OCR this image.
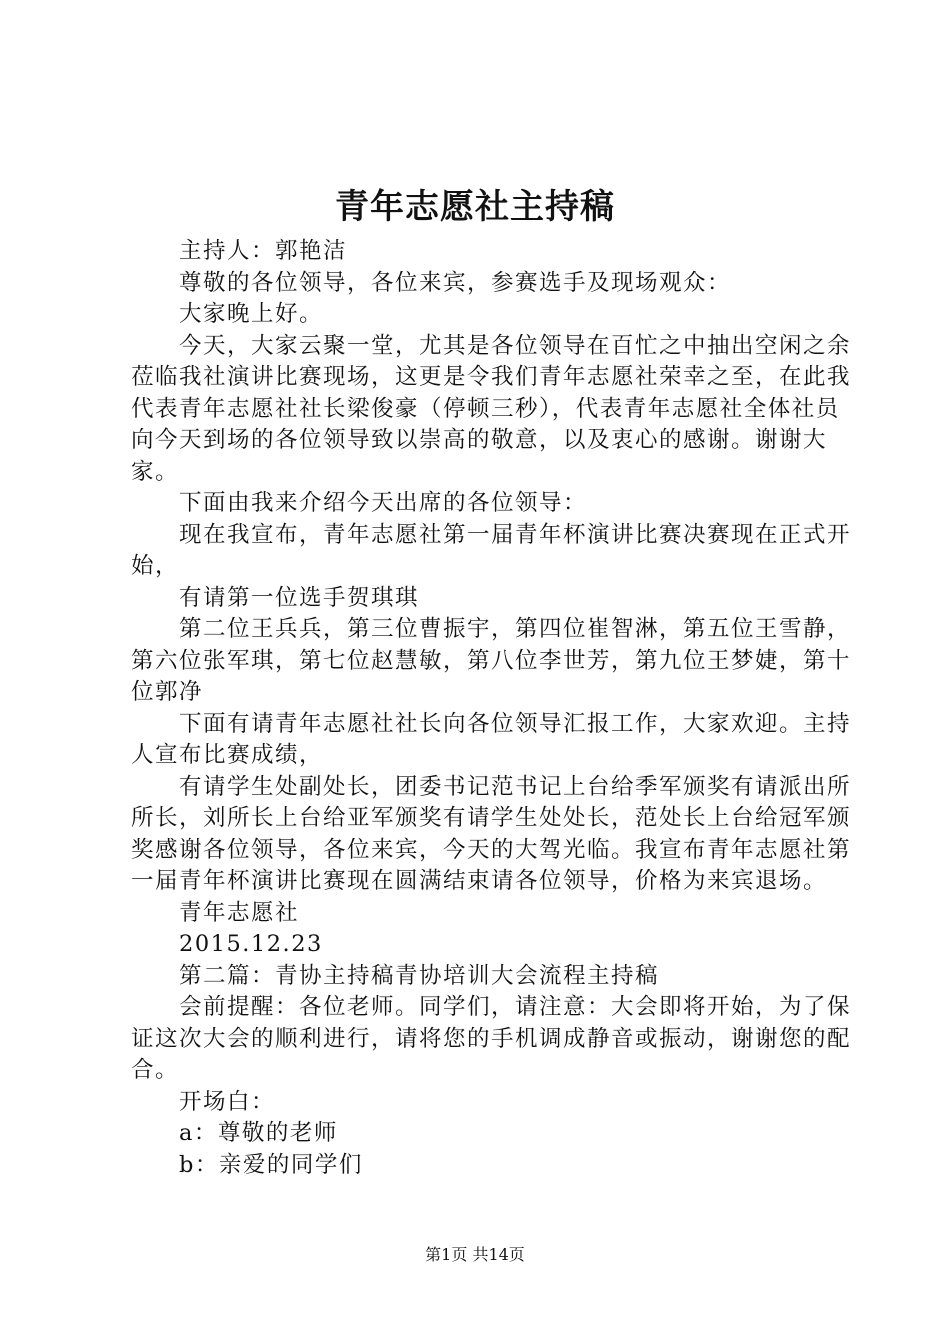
青年志愿社主持稿

主持人：郭艳洁

尊敬的各位领导，各位来宾，参赛选手及现场观众：

大家晚上好。

今天，大家云聚一堂，尤其是各位领导在百忙之中抽出空闲之余莅临我社演讲比赛现场，这更是令我们青年志愿社荣幸之至，在此我代表青年志愿社社长梁俊豪（停顿三秒），代表青年志愿社全体社员向今天到场的各位领导致以崇高的敬意，以及衷心的感谢。谢谢大家。

下面由我来介绍今天出席的各位领导：

现在我宣布，青年志愿社第一届青年杯演讲比赛决赛现在正式开始，

有请第一位选手贺琪琪

第二位王兵兵，第三位曹振宇，第四位崔智淋，第五位王雪静，第六位张军琪，第七位赵慧敏，第八位李世芳，第九位王梦婕，第十位郭净

下面有请青年志愿社社长向各位领导汇报工作，大家欢迎。主持人宣布比赛成绩，

有请学生处副处长，团委书记范书记上台给季军颁奖有请派出所所长，刘所长上台给亚军颁奖有请学生处处长，范处长上台给冠军颁奖感谢各位领导，各位来宾，今天的大驾光临。我宣布青年志愿社第一届青年杯演讲比赛现在圆满结束请各位领导，价格为来宾退场。

青年志愿社

2015.12.23

第二篇：青协主持稿青协培训大会流程主持稿

会前提醒：各位老师。同学们，请注意：大会即将开始，为了保证这次大会的顺利进行，请将您的手机调成静音或振动，谢谢您的配合。

开场白：

a：尊敬的老师

b：亲爱的同学们

第1页 共14页
